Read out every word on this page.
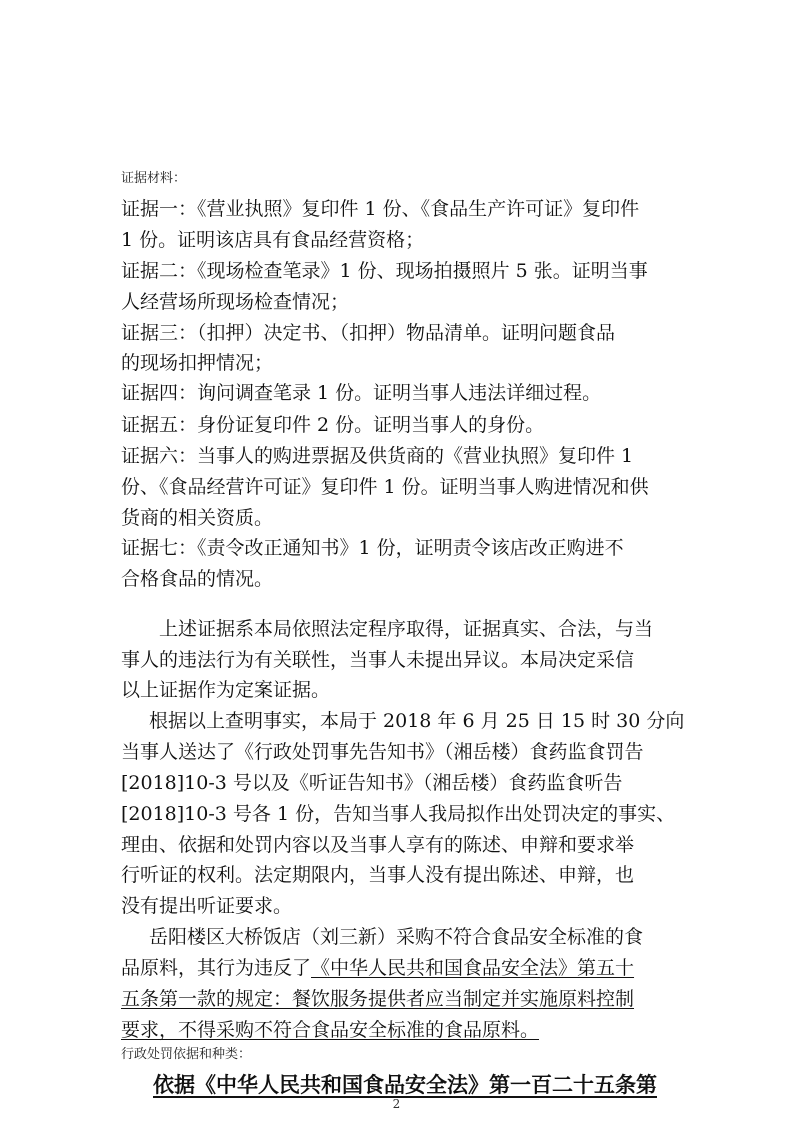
证据材料：
证据一：《营业执照》复印件 1 份、《食品生产许可证》复印件
1 份。证明该店具有食品经营资格；
证据二：《现场检查笔录》1 份、现场拍摄照片 5 张。证明当事
人经营场所现场检查情况；
证据三：（扣押）决定书、（扣押）物品清单。证明问题食品
的现场扣押情况；
证据四：询问调查笔录 1 份。证明当事人违法详细过程。
证据五：身份证复印件 2 份。证明当事人的身份。
证据六：当事人的购进票据及供货商的《营业执照》复印件 1
份、《食品经营许可证》复印件 1 份。证明当事人购进情况和供
货商的相关资质。
证据七：《责令改正通知书》1 份，证明责令该店改正购进不
合格食品的情况。
上述证据系本局依照法定程序取得，证据真实、合法，与当
事人的违法行为有关联性，当事人未提出异议。本局决定采信
以上证据作为定案证据。
根据以上查明事实，本局于 2018 年 6 月 25 日 15 时 30 分向
当事人送达了《行政处罚事先告知书》（湘岳楼）食药监食罚告
[2018]10-3 号以及《听证告知书》（湘岳楼）食药监食听告
[2018]10-3 号各 1 份，告知当事人我局拟作出处罚决定的事实、
理由、依据和处罚内容以及当事人享有的陈述、申辩和要求举
行听证的权利。法定期限内，当事人没有提出陈述、申辩，也
没有提出听证要求。
岳阳楼区大桥饭店（刘三新）采购不符合食品安全标准的食
品原料，其行为违反了《中华人民共和国食品安全法》第五十
五条第一款的规定：餐饮服务提供者应当制定并实施原料控制
要求，不得采购不符合食品安全标准的食品原料。
行政处罚依据和种类：
依据《中华人民共和国食品安全法》第一百二十五条第
2
